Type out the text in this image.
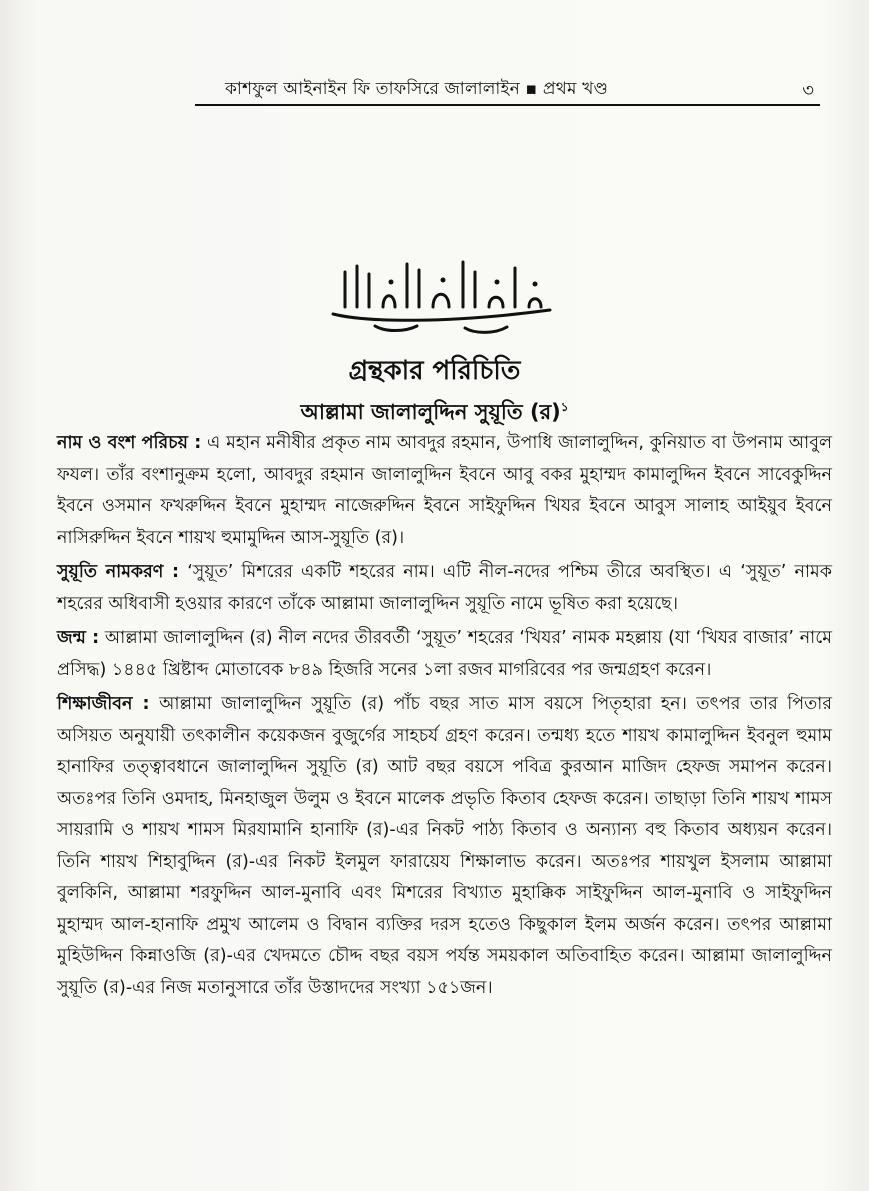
কাশফুল আইনাইন ফি তাফসিরে জালালাইন ▪ প্রথম খণ্ড	৩
গ্রন্থকার পরিচিতি
আল্লামা জালালুদ্দিন সুয়ূতি (র)$^১$

নাম ও বংশ পরিচয় : এ মহান মনীষীর প্রকৃত নাম আবদুর রহমান, উপাধি জালালুদ্দিন, কুনিয়াত বা উপনাম আবুল ফযল। তাঁর বংশানুক্রম হলো, আবদুর রহমান জালালুদ্দিন ইবনে আবু বকর মুহাম্মদ কামালুদ্দিন ইবনে সাবেকুদ্দিন ইবনে ওসমান ফখরুদ্দিন ইবনে মুহাম্মদ নাজেরুদ্দিন ইবনে সাইফুদ্দিন খিযর ইবনে আবুস সালাহ আইয়ুব ইবনে নাসিরুদ্দিন ইবনে শায়খ হুমামুদ্দিন আস-সুয়ূতি (র)।

সুয়ূতি নামকরণ : ‘সুয়ূত’ মিশরের একটি শহরের নাম। এটি নীল-নদের পশ্চিম তীরে অবস্থিত। এ ‘সুয়ূত’ নামক শহরের অধিবাসী হওয়ার কারণে তাঁকে আল্লামা জালালুদ্দিন সুয়ূতি নামে ভূষিত করা হয়েছে।

জন্ম : আল্লামা জালালুদ্দিন (র) নীল নদের তীরবর্তী ‘সুয়ূত’ শহরের ‘খিযর’ নামক মহল্লায় (যা ‘খিযর বাজার’ নামে প্রসিদ্ধ) ১৪৪৫ খ্রিষ্টাব্দ মোতাবেক ৮৪৯ হিজরি সনের ১লা রজব মাগরিবের পর জন্মগ্রহণ করেন।

শিক্ষাজীবন : আল্লামা জালালুদ্দিন সুয়ূতি (র) পাঁচ বছর সাত মাস বয়সে পিতৃহারা হন। তৎপর তার পিতার অসিয়ত অনুযায়ী তৎকালীন কয়েকজন বুজুর্গের সাহচর্য গ্রহণ করেন। তন্মধ্য হতে শায়খ কামালুদ্দিন ইবনুল হুমাম হানাফির তত্ত্বাবধানে জালালুদ্দিন সুয়ূতি (র) আট বছর বয়সে পবিত্র কুরআন মাজিদ হেফজ সমাপন করেন। অতঃপর তিনি ওমদাহ, মিনহাজুল উলুম ও ইবনে মালেক প্রভৃতি কিতাব হেফজ করেন। তাছাড়া তিনি শায়খ শামস সায়রামি ও শায়খ শামস মিরযামানি হানাফি (র)-এর নিকট পাঠ্য কিতাব ও অন্যান্য বহু কিতাব অধ্যয়ন করেন। তিনি শায়খ শিহাবুদ্দিন (র)-এর নিকট ইলমুল ফারায়েয শিক্ষালাভ করেন। অতঃপর শায়খুল ইসলাম আল্লামা বুলকিনি, আল্লামা শরফুদ্দিন আল-মুনাবি এবং মিশরের বিখ্যাত মুহাক্কিক সাইফুদ্দিন আল-মুনাবি ও সাইফুদ্দিন মুহাম্মদ আল-হানাফি প্রমুখ আলেম ও বিদ্বান ব্যক্তির দরস হতেও কিছুকাল ইলম অর্জন করেন। তৎপর আল্লামা মুহিউদ্দিন কিন্নাওজি (র)-এর খেদমতে চৌদ্দ বছর বয়স পর্যন্ত সময়কাল অতিবাহিত করেন। আল্লামা জালালুদ্দিন সুয়ূতি (র)-এর নিজ মতানুসারে তাঁর উস্তাদদের সংখ্যা ১৫১জন।
